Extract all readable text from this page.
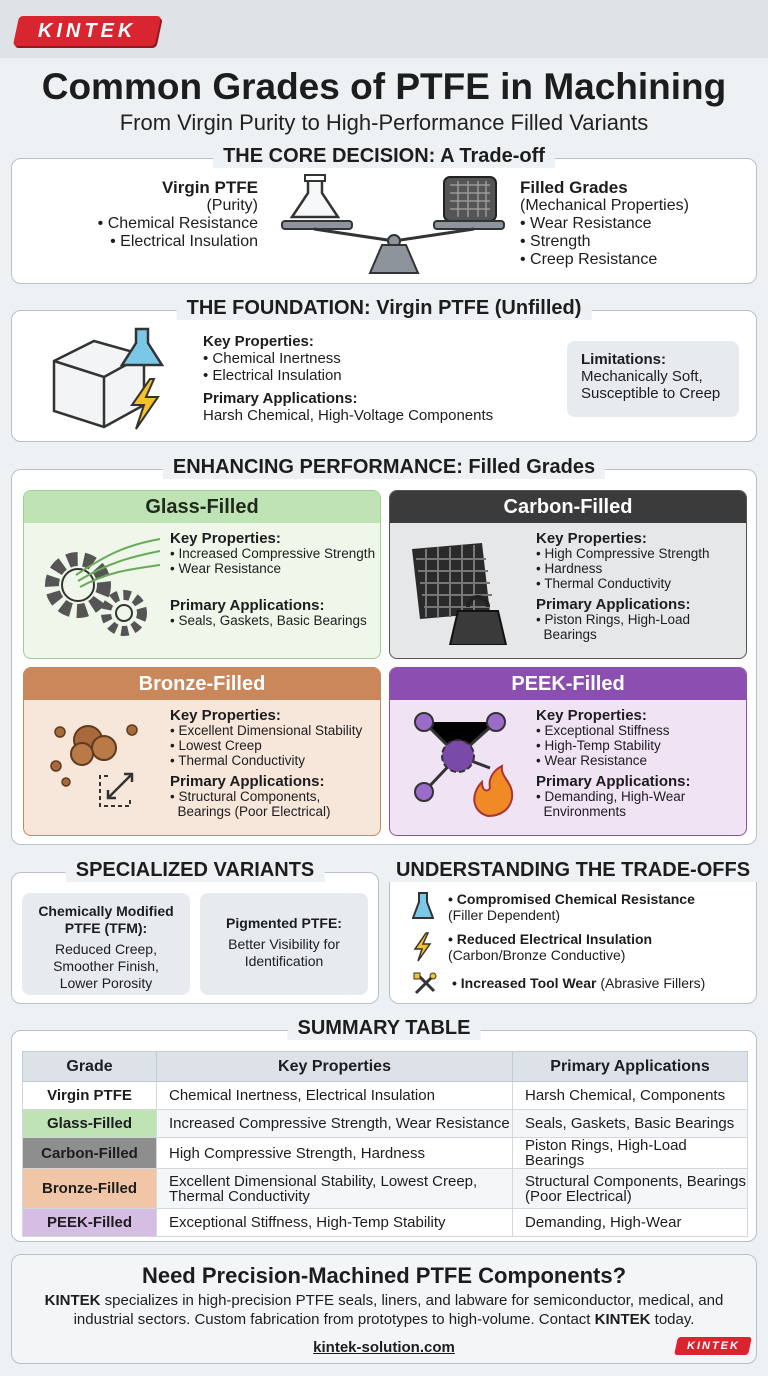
KINTEK
Common Grades of PTFE in Machining
From Virgin Purity to High-Performance Filled Variants
THE CORE DECISION: A Trade-off
Virgin PTFE
(Purity)
• Chemical Resistance
• Electrical Insulation
Filled Grades
(Mechanical Properties)
• Wear Resistance
• Strength
• Creep Resistance
THE FOUNDATION: Virgin PTFE (Unfilled)
Key Properties:
• Chemical Inertness
• Electrical Insulation
Primary Applications:
Harsh Chemical, High-Voltage Components
Limitations:
Mechanically Soft,
Susceptible to Creep
ENHANCING PERFORMANCE: Filled Grades
Glass-Filled
Key Properties:
• Increased Compressive Strength
• Wear Resistance
Primary Applications:
• Seals, Gaskets, Basic Bearings
Carbon-Filled
Key Properties:
• High Compressive Strength
• Hardness
• Thermal Conductivity
Primary Applications:
• Piston Rings, High-Load
Bearings
Bronze-Filled
Key Properties:
• Excellent Dimensional Stability
• Lowest Creep
• Thermal Conductivity
Primary Applications:
• Structural Components,
Bearings (Poor Electrical)
PEEK-Filled
Key Properties:
• Exceptional Stiffness
• High-Temp Stability
• Wear Resistance
Primary Applications:
• Demanding, High-Wear
Environments
SPECIALIZED VARIANTS
Chemically Modified
PTFE (TFM):
Reduced Creep,
Smoother Finish,
Lower Porosity
Pigmented PTFE:
Better Visibility for
Identification
UNDERSTANDING THE TRADE-OFFS
• Compromised Chemical Resistance
(Filler Dependent)
• Reduced Electrical Insulation
(Carbon/Bronze Conductive)
• Increased Tool Wear (Abrasive Fillers)
SUMMARY TABLE
Grade	Key Properties	Primary Applications
Virgin PTFE	Chemical Inertness, Electrical Insulation	Harsh Chemical, Components
Glass-Filled	Increased Compressive Strength, Wear Resistance	Seals, Gaskets, Basic Bearings
Carbon-Filled	High Compressive Strength, Hardness	Piston Rings, High-Load Bearings
Bronze-Filled	Excellent Dimensional Stability, Lowest Creep, Thermal Conductivity	Structural Components, Bearings (Poor Electrical)
PEEK-Filled	Exceptional Stiffness, High-Temp Stability	Demanding, High-Wear
Need Precision-Machined PTFE Components?
KINTEK specializes in high-precision PTFE seals, liners, and labware for semiconductor, medical, and industrial sectors. Custom fabrication from prototypes to high-volume. Contact KINTEK today.
kintek-solution.com	KINTEK
